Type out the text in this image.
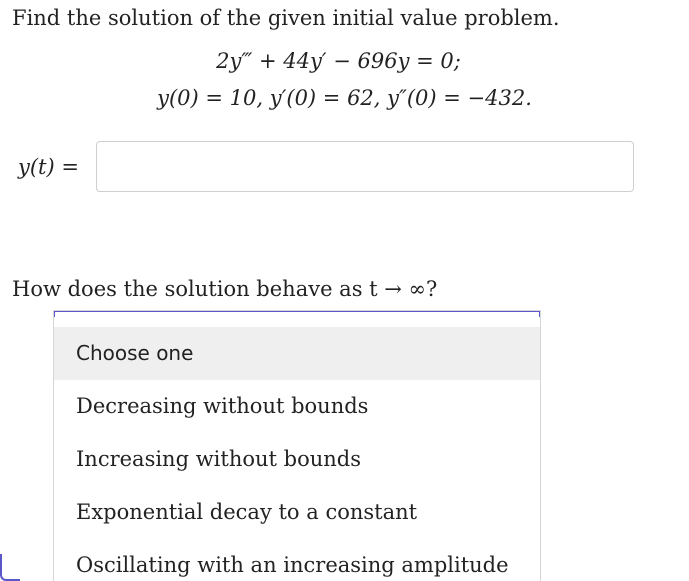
Find the solution of the given initial value problem.
2y‴ + 44y′ − 696y = 0;
y(0) = 10, y′(0) = 62, y″(0) = −432.
y(t) =
How does the solution behave as t → ∞?
Choose one
Decreasing without bounds
Increasing without bounds
Exponential decay to a constant
Oscillating with an increasing amplitude
